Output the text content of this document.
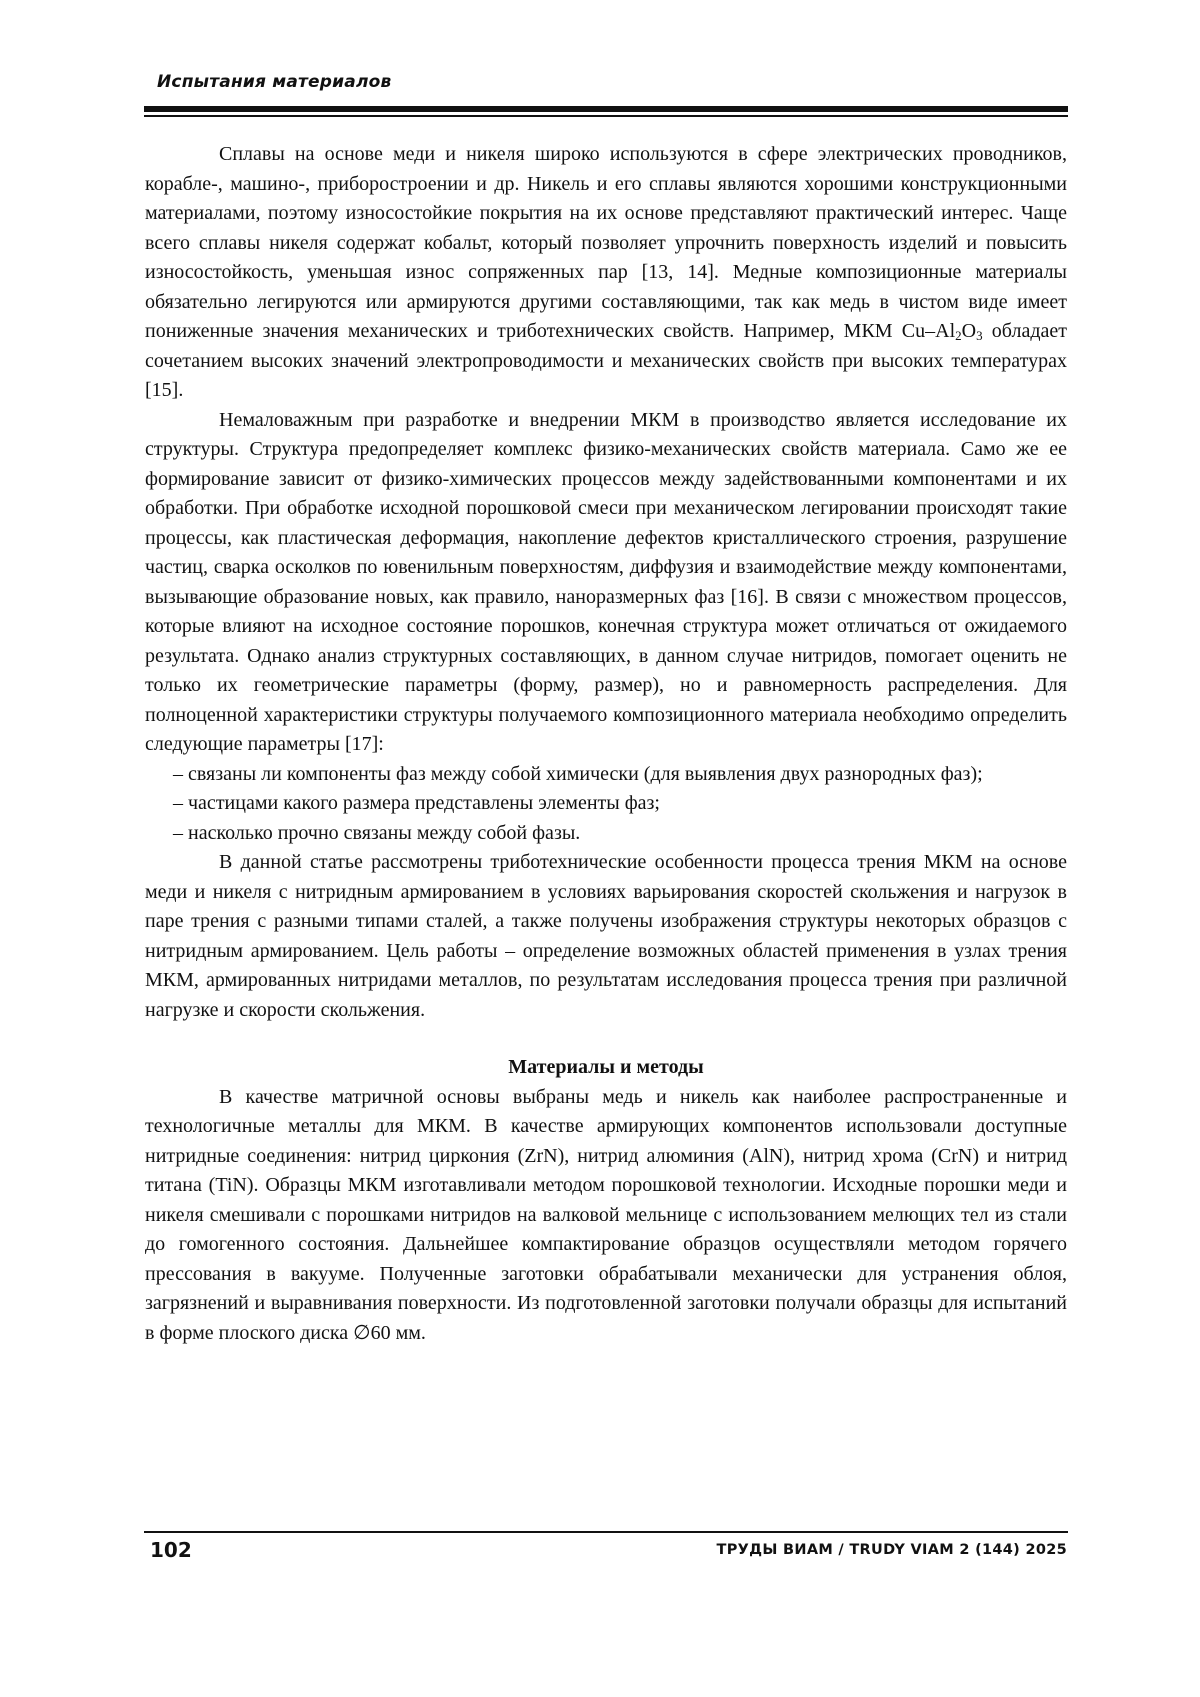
Испытания материалов

Сплавы на основе меди и никеля широко используются в сфере электрических проводников, корабле-, машино-, приборостроении и др. Никель и его сплавы являются хорошими конструкционными материалами, поэтому износостойкие покрытия на их основе представляют практический интерес. Чаще всего сплавы никеля содержат кобальт, который позволяет упрочнить поверхность изделий и повысить износостойкость, уменьшая износ сопряженных пар [13, 14]. Медные композиционные материалы обязательно легируются или армируются другими составляющими, так как медь в чистом виде имеет пониженные значения механических и триботехнических свойств. Например, МКМ $Cu-Al_2O_3$ обладает сочетанием высоких значений электропроводимости и механических свойств при высоких температурах [15].

Немаловажным при разработке и внедрении МКМ в производство является исследование их структуры. Структура предопределяет комплекс физико-механических свойств материала. Само же ее формирование зависит от физико-химических процессов между задействованными компонентами и их обработки. При обработке исходной порошковой смеси при механическом легировании происходят такие процессы, как пластическая деформация, накопление дефектов кристаллического строения, разрушение частиц, сварка осколков по ювенильным поверхностям, диффузия и взаимодействие между компонентами, вызывающие образование новых, как правило, наноразмерных фаз [16]. В связи с множеством процессов, которые влияют на исходное состояние порошков, конечная структура может отличаться от ожидаемого результата. Однако анализ структурных составляющих, в данном случае нитридов, помогает оценить не только их геометрические параметры (форму, размер), но и равномерность распределения. Для полноценной характеристики структуры получаемого композиционного материала необходимо определить следующие параметры [17]:

– связаны ли компоненты фаз между собой химически (для выявления двух разнородных фаз);

– частицами какого размера представлены элементы фаз;

– насколько прочно связаны между собой фазы.

В данной статье рассмотрены триботехнические особенности процесса трения МКМ на основе меди и никеля с нитридным армированием в условиях варьирования скоростей скольжения и нагрузок в паре трения с разными типами сталей, а также получены изображения структуры некоторых образцов с нитридным армированием. Цель работы – определение возможных областей применения в узлах трения МКМ, армированных нитридами металлов, по результатам исследования процесса трения при различной нагрузке и скорости скольжения.

Материалы и методы

В качестве матричной основы выбраны медь и никель как наиболее распространенные и технологичные металлы для МКМ. В качестве армирующих компонентов использовали доступные нитридные соединения: нитрид циркония (ZrN), нитрид алюминия (AlN), нитрид хрома (CrN) и нитрид титана (TiN). Образцы МКМ изготавливали методом порошковой технологии. Исходные порошки меди и никеля смешивали с порошками нитридов на валковой мельнице с использованием мелющих тел из стали до гомогенного состояния. Дальнейшее компактирование образцов осуществляли методом горячего прессования в вакууме. Полученные заготовки обрабатывали механически для устранения облоя, загрязнений и выравнивания поверхности. Из подготовленной заготовки получали образцы для испытаний в форме плоского диска ∅60 мм.

102	ТРУДЫ ВИАМ / TRUDY VIAM 2 (144) 2025
